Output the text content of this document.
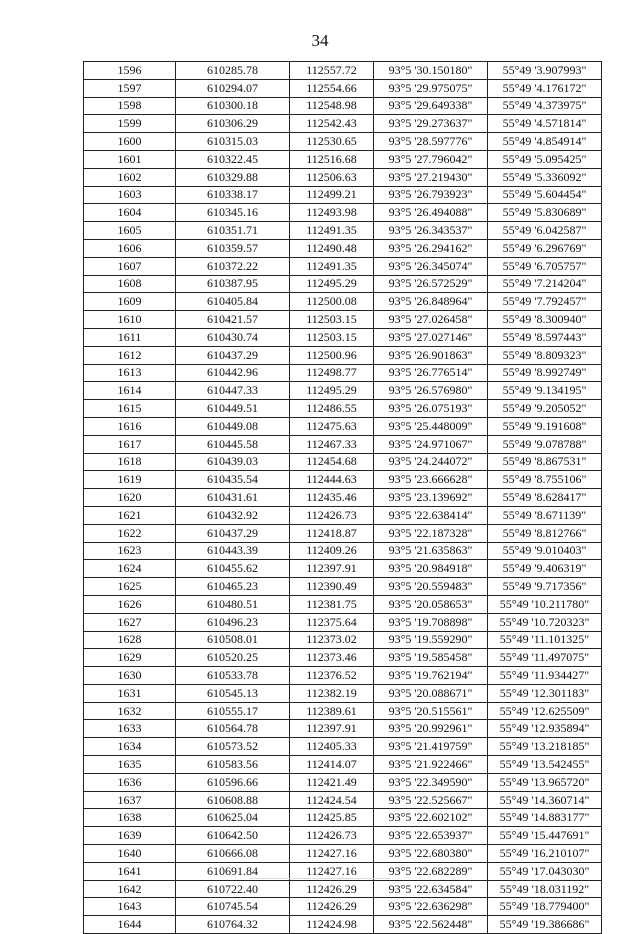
34
1596	610285.78	112557.72	93°5 '30.150180"	55°49 '3.907993"
1597	610294.07	112554.66	93°5 '29.975075"	55°49 '4.176172"
1598	610300.18	112548.98	93°5 '29.649338"	55°49 '4.373975"
1599	610306.29	112542.43	93°5 '29.273637"	55°49 '4.571814"
1600	610315.03	112530.65	93°5 '28.597776"	55°49 '4.854914"
1601	610322.45	112516.68	93°5 '27.796042"	55°49 '5.095425"
1602	610329.88	112506.63	93°5 '27.219430"	55°49 '5.336092"
1603	610338.17	112499.21	93°5 '26.793923"	55°49 '5.604454"
1604	610345.16	112493.98	93°5 '26.494088"	55°49 '5.830689"
1605	610351.71	112491.35	93°5 '26.343537"	55°49 '6.042587"
1606	610359.57	112490.48	93°5 '26.294162"	55°49 '6.296769"
1607	610372.22	112491.35	93°5 '26.345074"	55°49 '6.705757"
1608	610387.95	112495.29	93°5 '26.572529"	55°49 '7.214204"
1609	610405.84	112500.08	93°5 '26.848964"	55°49 '7.792457"
1610	610421.57	112503.15	93°5 '27.026458"	55°49 '8.300940"
1611	610430.74	112503.15	93°5 '27.027146"	55°49 '8.597443"
1612	610437.29	112500.96	93°5 '26.901863"	55°49 '8.809323"
1613	610442.96	112498.77	93°5 '26.776514"	55°49 '8.992749"
1614	610447.33	112495.29	93°5 '26.576980"	55°49 '9.134195"
1615	610449.51	112486.55	93°5 '26.075193"	55°49 '9.205052"
1616	610449.08	112475.63	93°5 '25.448009"	55°49 '9.191608"
1617	610445.58	112467.33	93°5 '24.971067"	55°49 '9.078788"
1618	610439.03	112454.68	93°5 '24.244072"	55°49 '8.867531"
1619	610435.54	112444.63	93°5 '23.666628"	55°49 '8.755106"
1620	610431.61	112435.46	93°5 '23.139692"	55°49 '8.628417"
1621	610432.92	112426.73	93°5 '22.638414"	55°49 '8.671139"
1622	610437.29	112418.87	93°5 '22.187328"	55°49 '8.812766"
1623	610443.39	112409.26	93°5 '21.635863"	55°49 '9.010403"
1624	610455.62	112397.91	93°5 '20.984918"	55°49 '9.406319"
1625	610465.23	112390.49	93°5 '20.559483"	55°49 '9.717356"
1626	610480.51	112381.75	93°5 '20.058653"	55°49 '10.211780"
1627	610496.23	112375.64	93°5 '19.708898"	55°49 '10.720323"
1628	610508.01	112373.02	93°5 '19.559290"	55°49 '11.101325"
1629	610520.25	112373.46	93°5 '19.585458"	55°49 '11.497075"
1630	610533.78	112376.52	93°5 '19.762194"	55°49 '11.934427"
1631	610545.13	112382.19	93°5 '20.088671"	55°49 '12.301183"
1632	610555.17	112389.61	93°5 '20.515561"	55°49 '12.625509"
1633	610564.78	112397.91	93°5 '20.992961"	55°49 '12.935894"
1634	610573.52	112405.33	93°5 '21.419759"	55°49 '13.218185"
1635	610583.56	112414.07	93°5 '21.922466"	55°49 '13.542455"
1636	610596.66	112421.49	93°5 '22.349590"	55°49 '13.965720"
1637	610608.88	112424.54	93°5 '22.525667"	55°49 '14.360714"
1638	610625.04	112425.85	93°5 '22.602102"	55°49 '14.883177"
1639	610642.50	112426.73	93°5 '22.653937"	55°49 '15.447691"
1640	610666.08	112427.16	93°5 '22.680380"	55°49 '16.210107"
1641	610691.84	112427.16	93°5 '22.682289"	55°49 '17.043030"
1642	610722.40	112426.29	93°5 '22.634584"	55°49 '18.031192"
1643	610745.54	112426.29	93°5 '22.636298"	55°49 '18.779400"
1644	610764.32	112424.98	93°5 '22.562448"	55°49 '19.386686"
